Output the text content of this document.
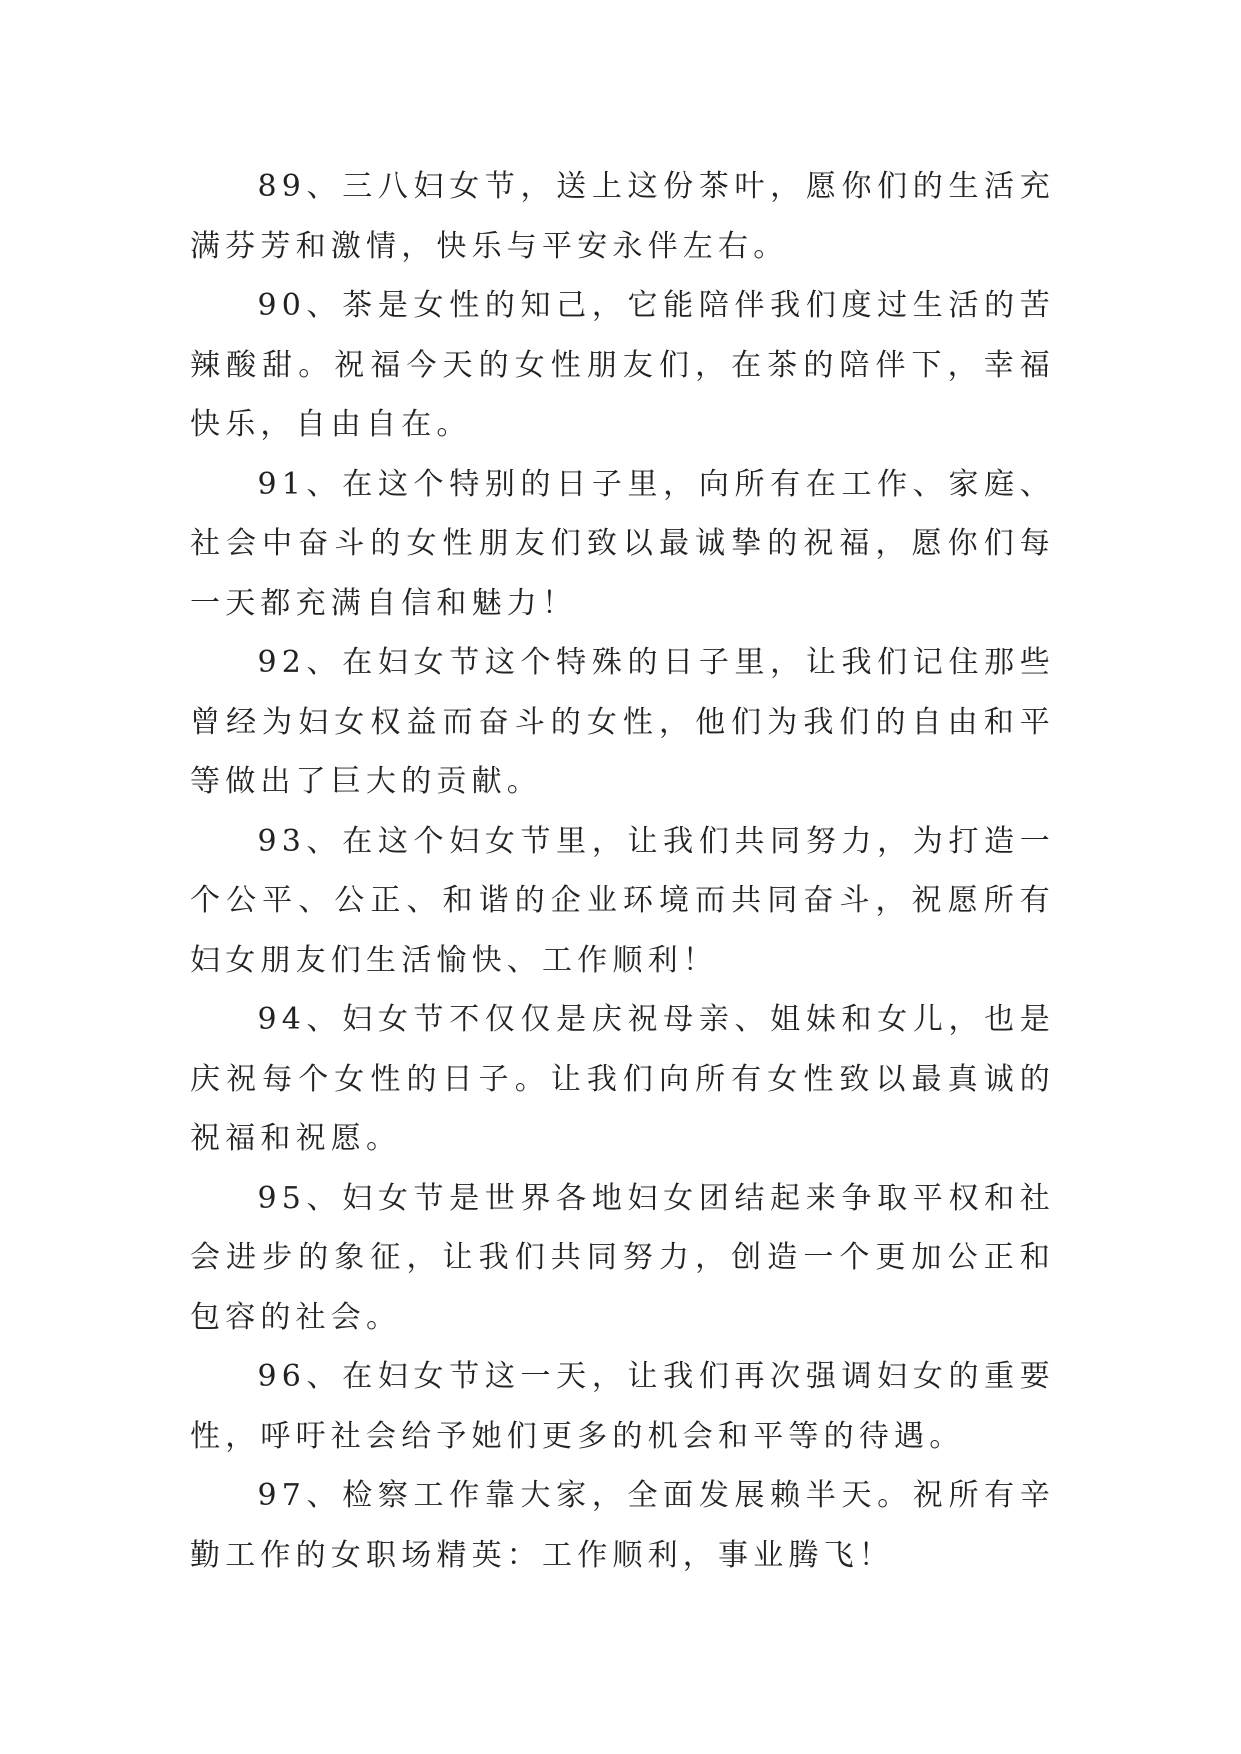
89、三八妇女节，送上这份茶叶，愿你们的生活充满芬芳和激情，快乐与平安永伴左右。

90、茶是女性的知己，它能陪伴我们度过生活的苦辣酸甜。祝福今天的女性朋友们，在茶的陪伴下，幸福快乐，自由自在。

91、在这个特别的日子里，向所有在工作、家庭、社会中奋斗的女性朋友们致以最诚挚的祝福，愿你们每一天都充满自信和魅力！

92、在妇女节这个特殊的日子里，让我们记住那些曾经为妇女权益而奋斗的女性，他们为我们的自由和平等做出了巨大的贡献。

93、在这个妇女节里，让我们共同努力，为打造一个公平、公正、和谐的企业环境而共同奋斗，祝愿所有妇女朋友们生活愉快、工作顺利！

94、妇女节不仅仅是庆祝母亲、姐妹和女儿，也是庆祝每个女性的日子。让我们向所有女性致以最真诚的祝福和祝愿。

95、妇女节是世界各地妇女团结起来争取平权和社会进步的象征，让我们共同努力，创造一个更加公正和包容的社会。

96、在妇女节这一天，让我们再次强调妇女的重要性，呼吁社会给予她们更多的机会和平等的待遇。

97、检察工作靠大家，全面发展赖半天。祝所有辛勤工作的女职场精英：工作顺利，事业腾飞！
